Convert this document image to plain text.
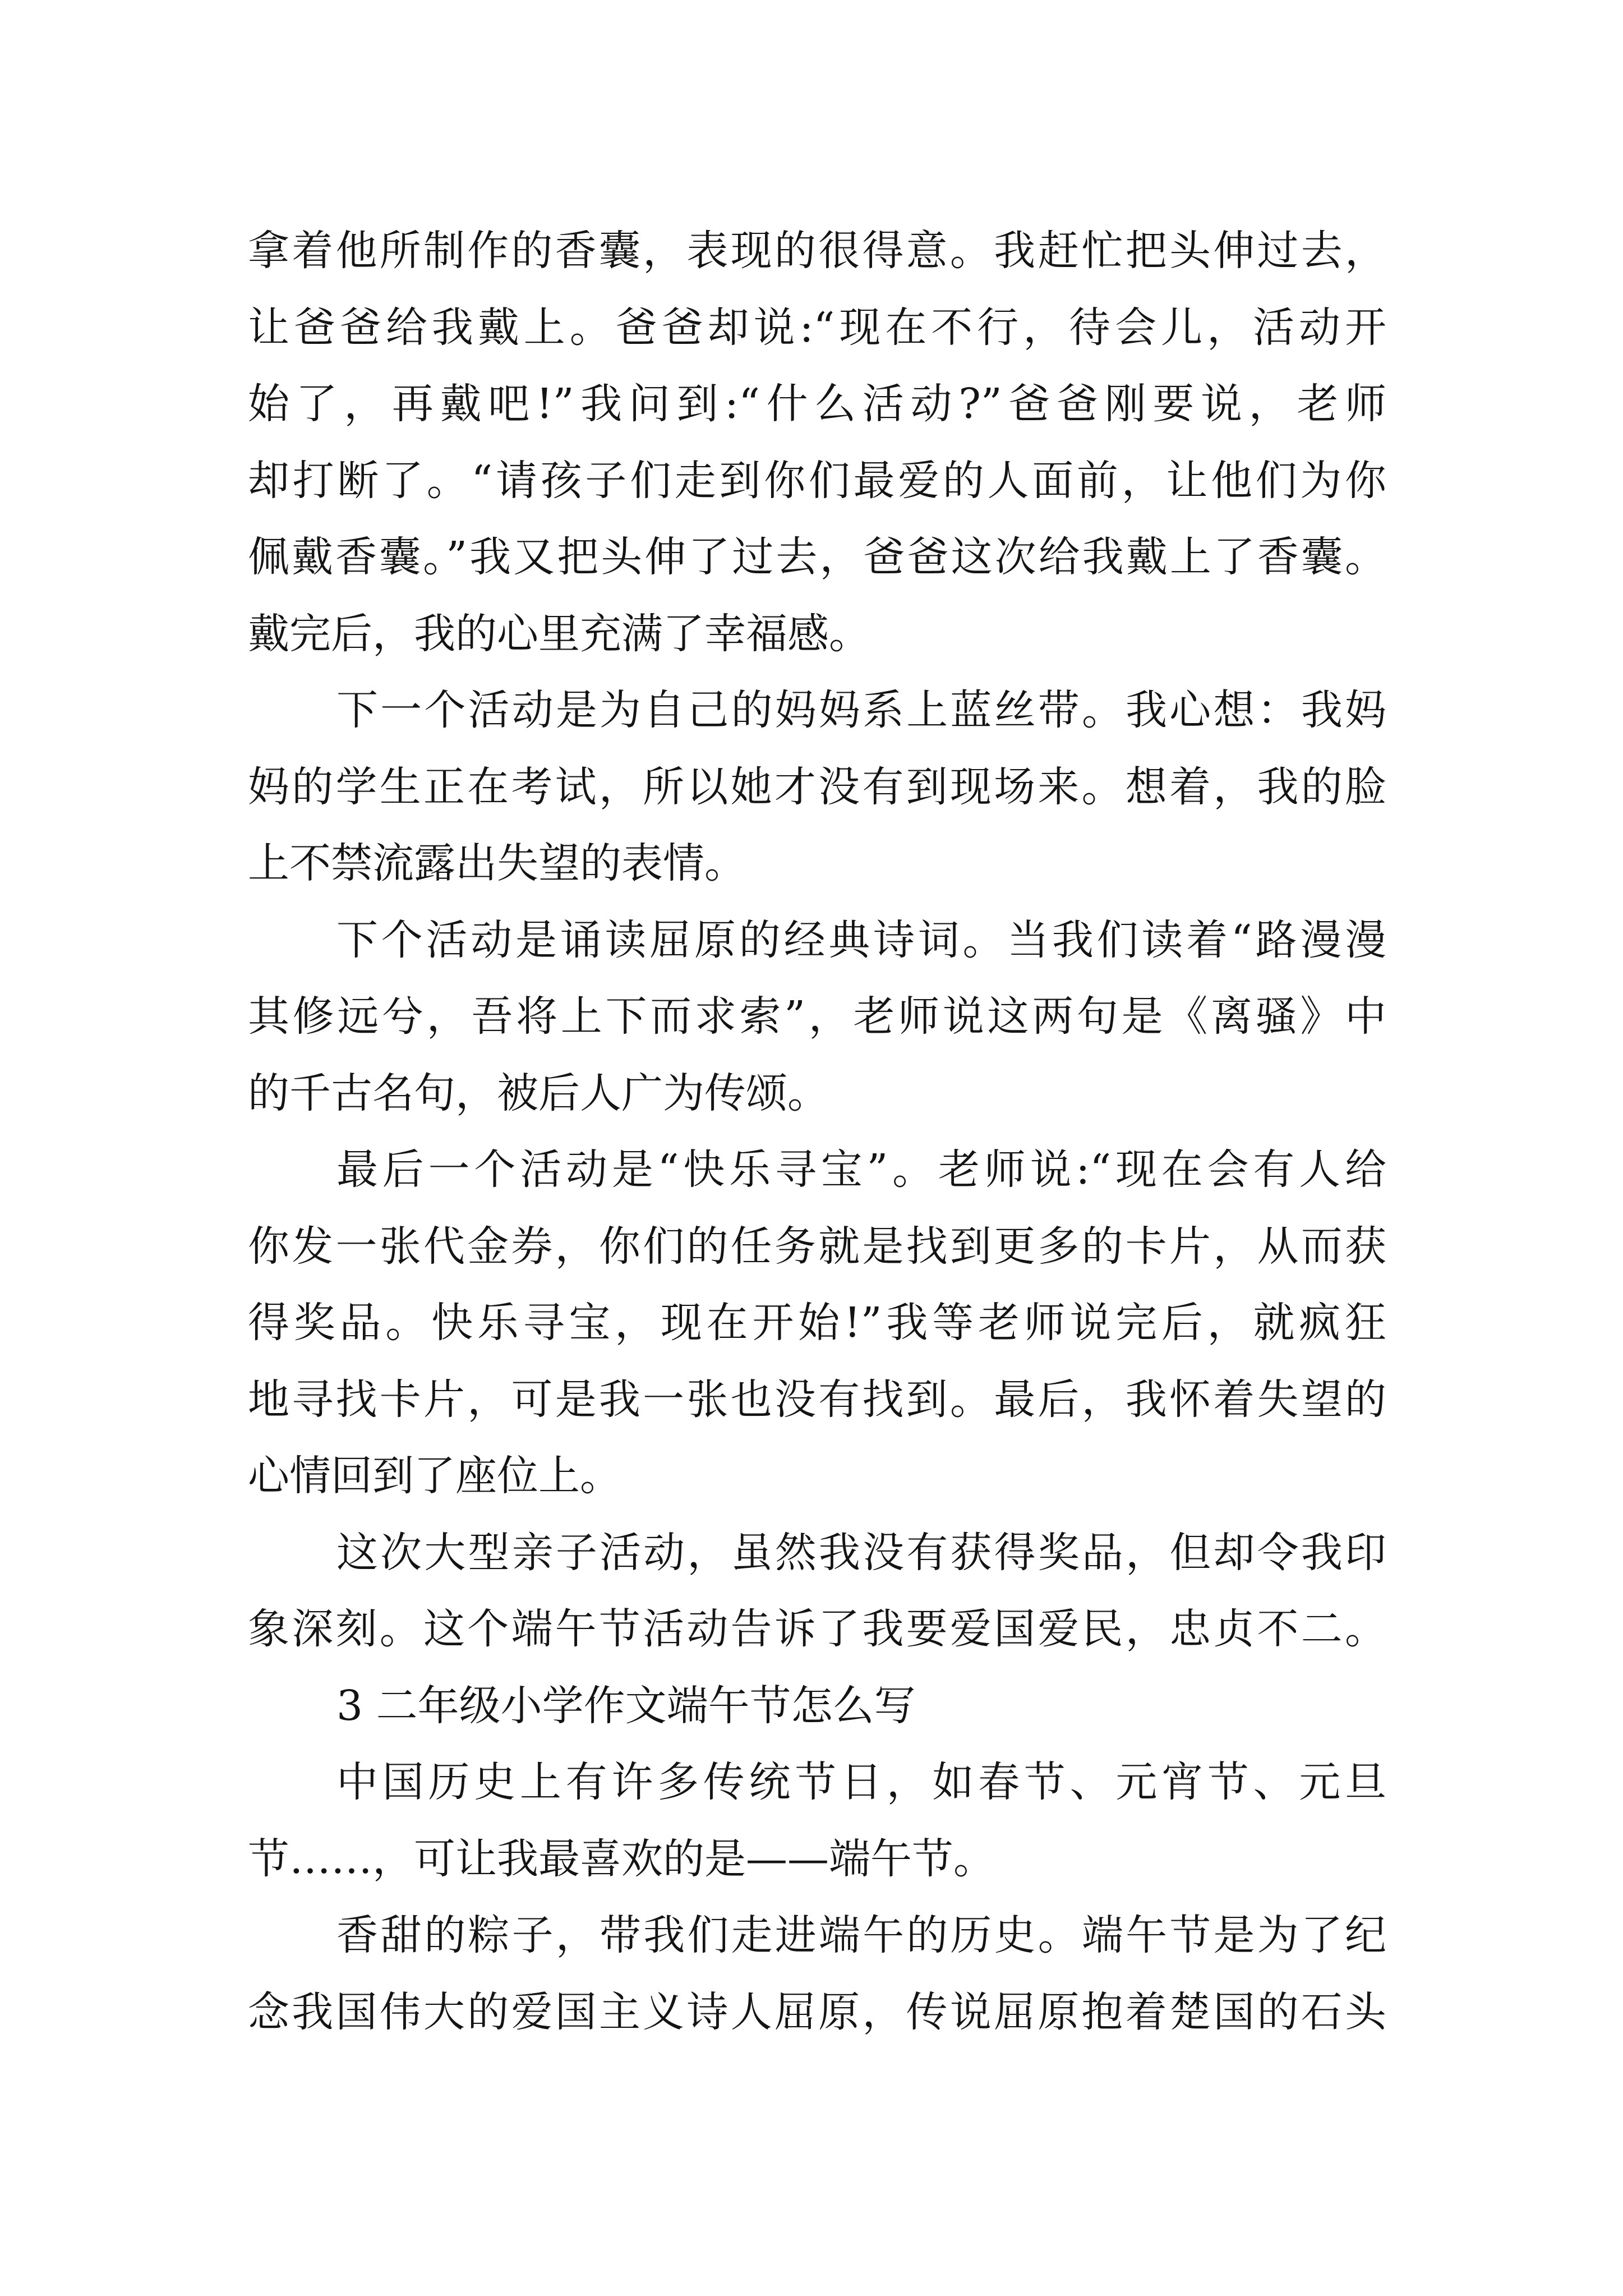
拿着他所制作的香囊，表现的很得意。我赶忙把头伸过去，
让爸爸给我戴上。爸爸却说:“现在不行，待会儿，活动开
始了，再戴吧!”我问到:“什么活动?”爸爸刚要说，老师
却打断了。“请孩子们走到你们最爱的人面前，让他们为你
佩戴香囊。”我又把头伸了过去，爸爸这次给我戴上了香囊。
戴完后，我的心里充满了幸福感。
下一个活动是为自己的妈妈系上蓝丝带。我心想：我妈
妈的学生正在考试，所以她才没有到现场来。想着，我的脸
上不禁流露出失望的表情。
下个活动是诵读屈原的经典诗词。当我们读着“路漫漫
其修远兮，吾将上下而求索”，老师说这两句是《离骚》中
的千古名句，被后人广为传颂。
最后一个活动是“快乐寻宝”。老师说:“现在会有人给
你发一张代金券，你们的任务就是找到更多的卡片，从而获
得奖品。快乐寻宝，现在开始!”我等老师说完后，就疯狂
地寻找卡片，可是我一张也没有找到。最后，我怀着失望的
心情回到了座位上。
这次大型亲子活动，虽然我没有获得奖品，但却令我印
象深刻。这个端午节活动告诉了我要爱国爱民，忠贞不二。
3 二年级小学作文端午节怎么写
中国历史上有许多传统节日，如春节、元宵节、元旦
节……，可让我最喜欢的是——端午节。
香甜的粽子，带我们走进端午的历史。端午节是为了纪
念我国伟大的爱国主义诗人屈原，传说屈原抱着楚国的石头
